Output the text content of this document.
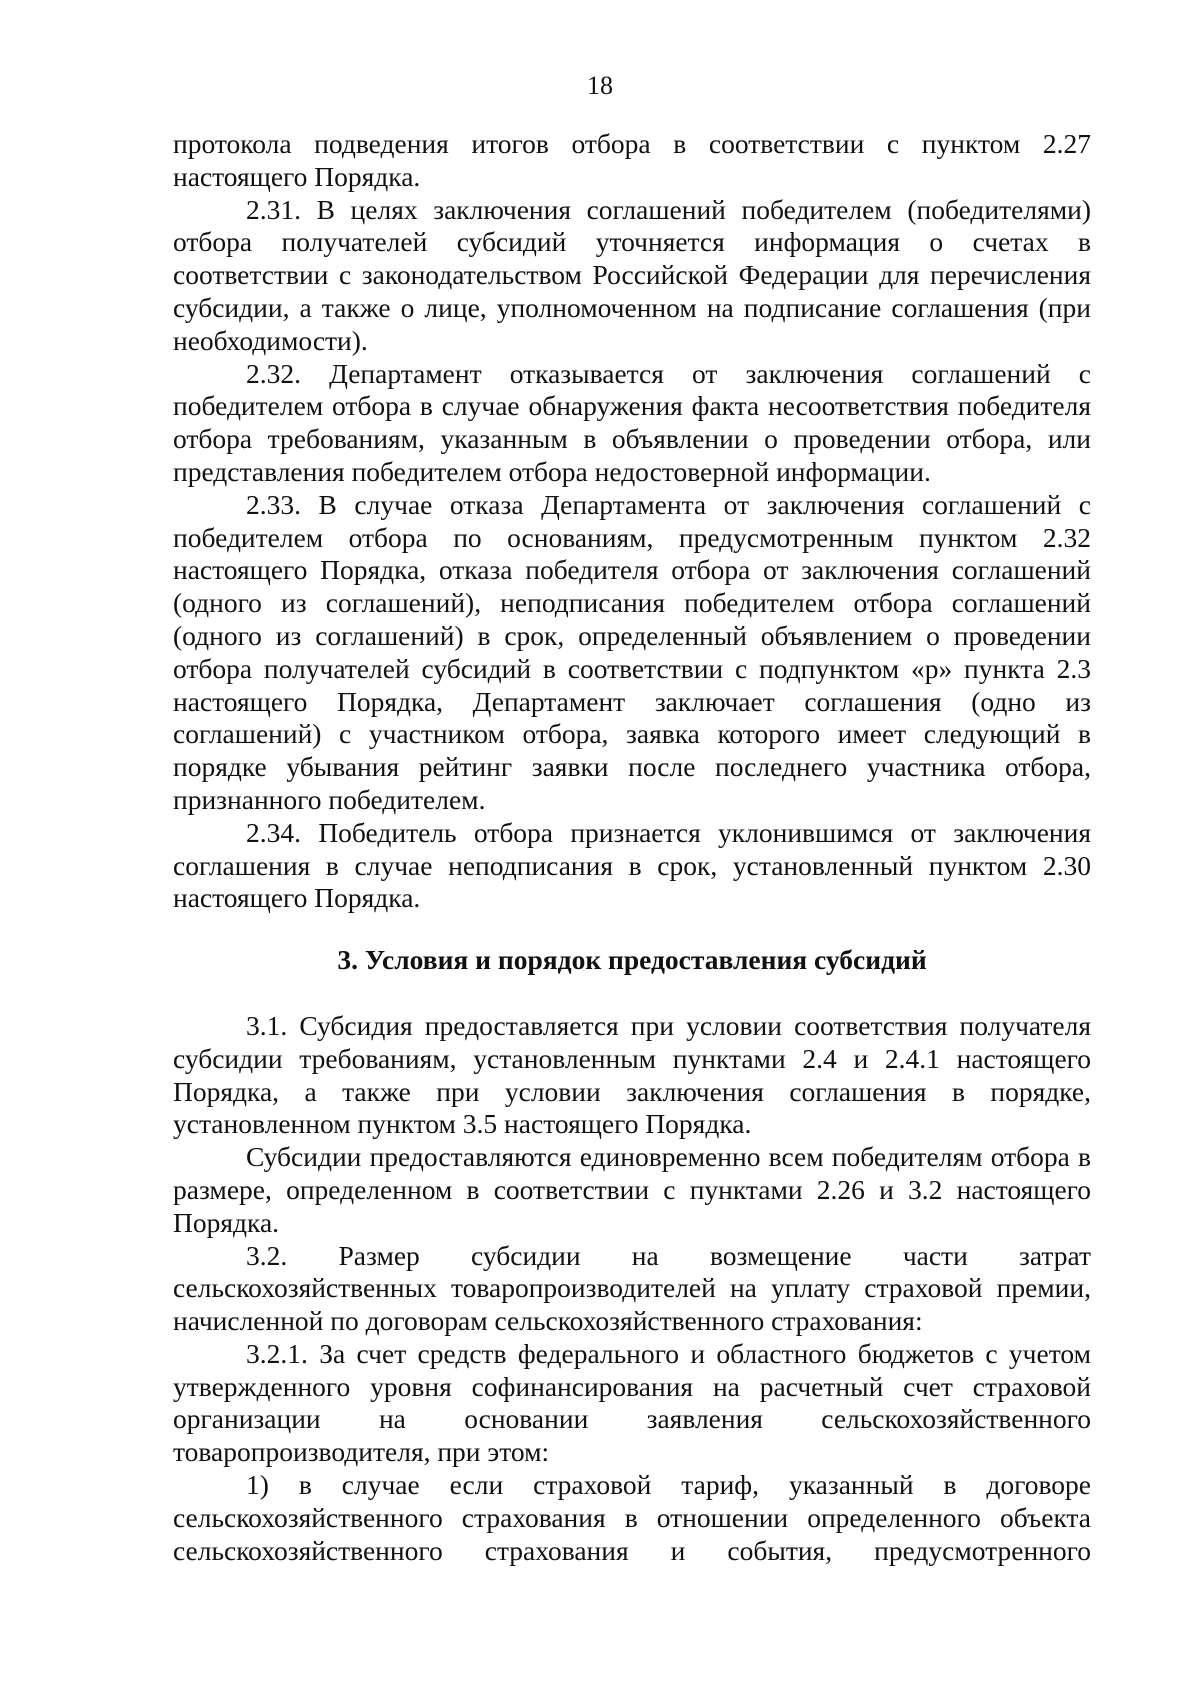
18

протокола подведения итогов отбора в соответствии с пунктом 2.27 настоящего Порядка.

2.31. В целях заключения соглашений победителем (победителями) отбора получателей субсидий уточняется информация о счетах в соответствии с законодательством Российской Федерации для перечисления субсидии, а также о лице, уполномоченном на подписание соглашения (при необходимости).

2.32. Департамент отказывается от заключения соглашений с победителем отбора в случае обнаружения факта несоответствия победителя отбора требованиям, указанным в объявлении о проведении отбора, или представления победителем отбора недостоверной информации.

2.33. В случае отказа Департамента от заключения соглашений с победителем отбора по основаниям, предусмотренным пунктом 2.32 настоящего Порядка, отказа победителя отбора от заключения соглашений (одного из соглашений), неподписания победителем отбора соглашений (одного из соглашений) в срок, определенный объявлением о проведении отбора получателей субсидий в соответствии с подпунктом «р» пункта 2.3 настоящего Порядка, Департамент заключает соглашения (одно из соглашений) с участником отбора, заявка которого имеет следующий в порядке убывания рейтинг заявки после последнего участника отбора, признанного победителем.

2.34. Победитель отбора признается уклонившимся от заключения соглашения в случае неподписания в срок, установленный пунктом 2.30 настоящего Порядка.

3. Условия и порядок предоставления субсидий

3.1. Субсидия предоставляется при условии соответствия получателя субсидии требованиям, установленным пунктами 2.4 и 2.4.1 настоящего Порядка, а также при условии заключения соглашения в порядке, установленном пунктом 3.5 настоящего Порядка.

Субсидии предоставляются единовременно всем победителям отбора в размере, определенном в соответствии с пунктами 2.26 и 3.2 настоящего Порядка.

3.2. Размер субсидии на возмещение части затрат сельскохозяйственных товаропроизводителей на уплату страховой премии, начисленной по договорам сельскохозяйственного страхования:

3.2.1. За счет средств федерального и областного бюджетов с учетом утвержденного уровня софинансирования на расчетный счет страховой организации на основании заявления сельскохозяйственного товаропроизводителя, при этом:

1) в случае если страховой тариф, указанный в договоре сельскохозяйственного страхования в отношении определенного объекта сельскохозяйственного страхования и события, предусмотренного
